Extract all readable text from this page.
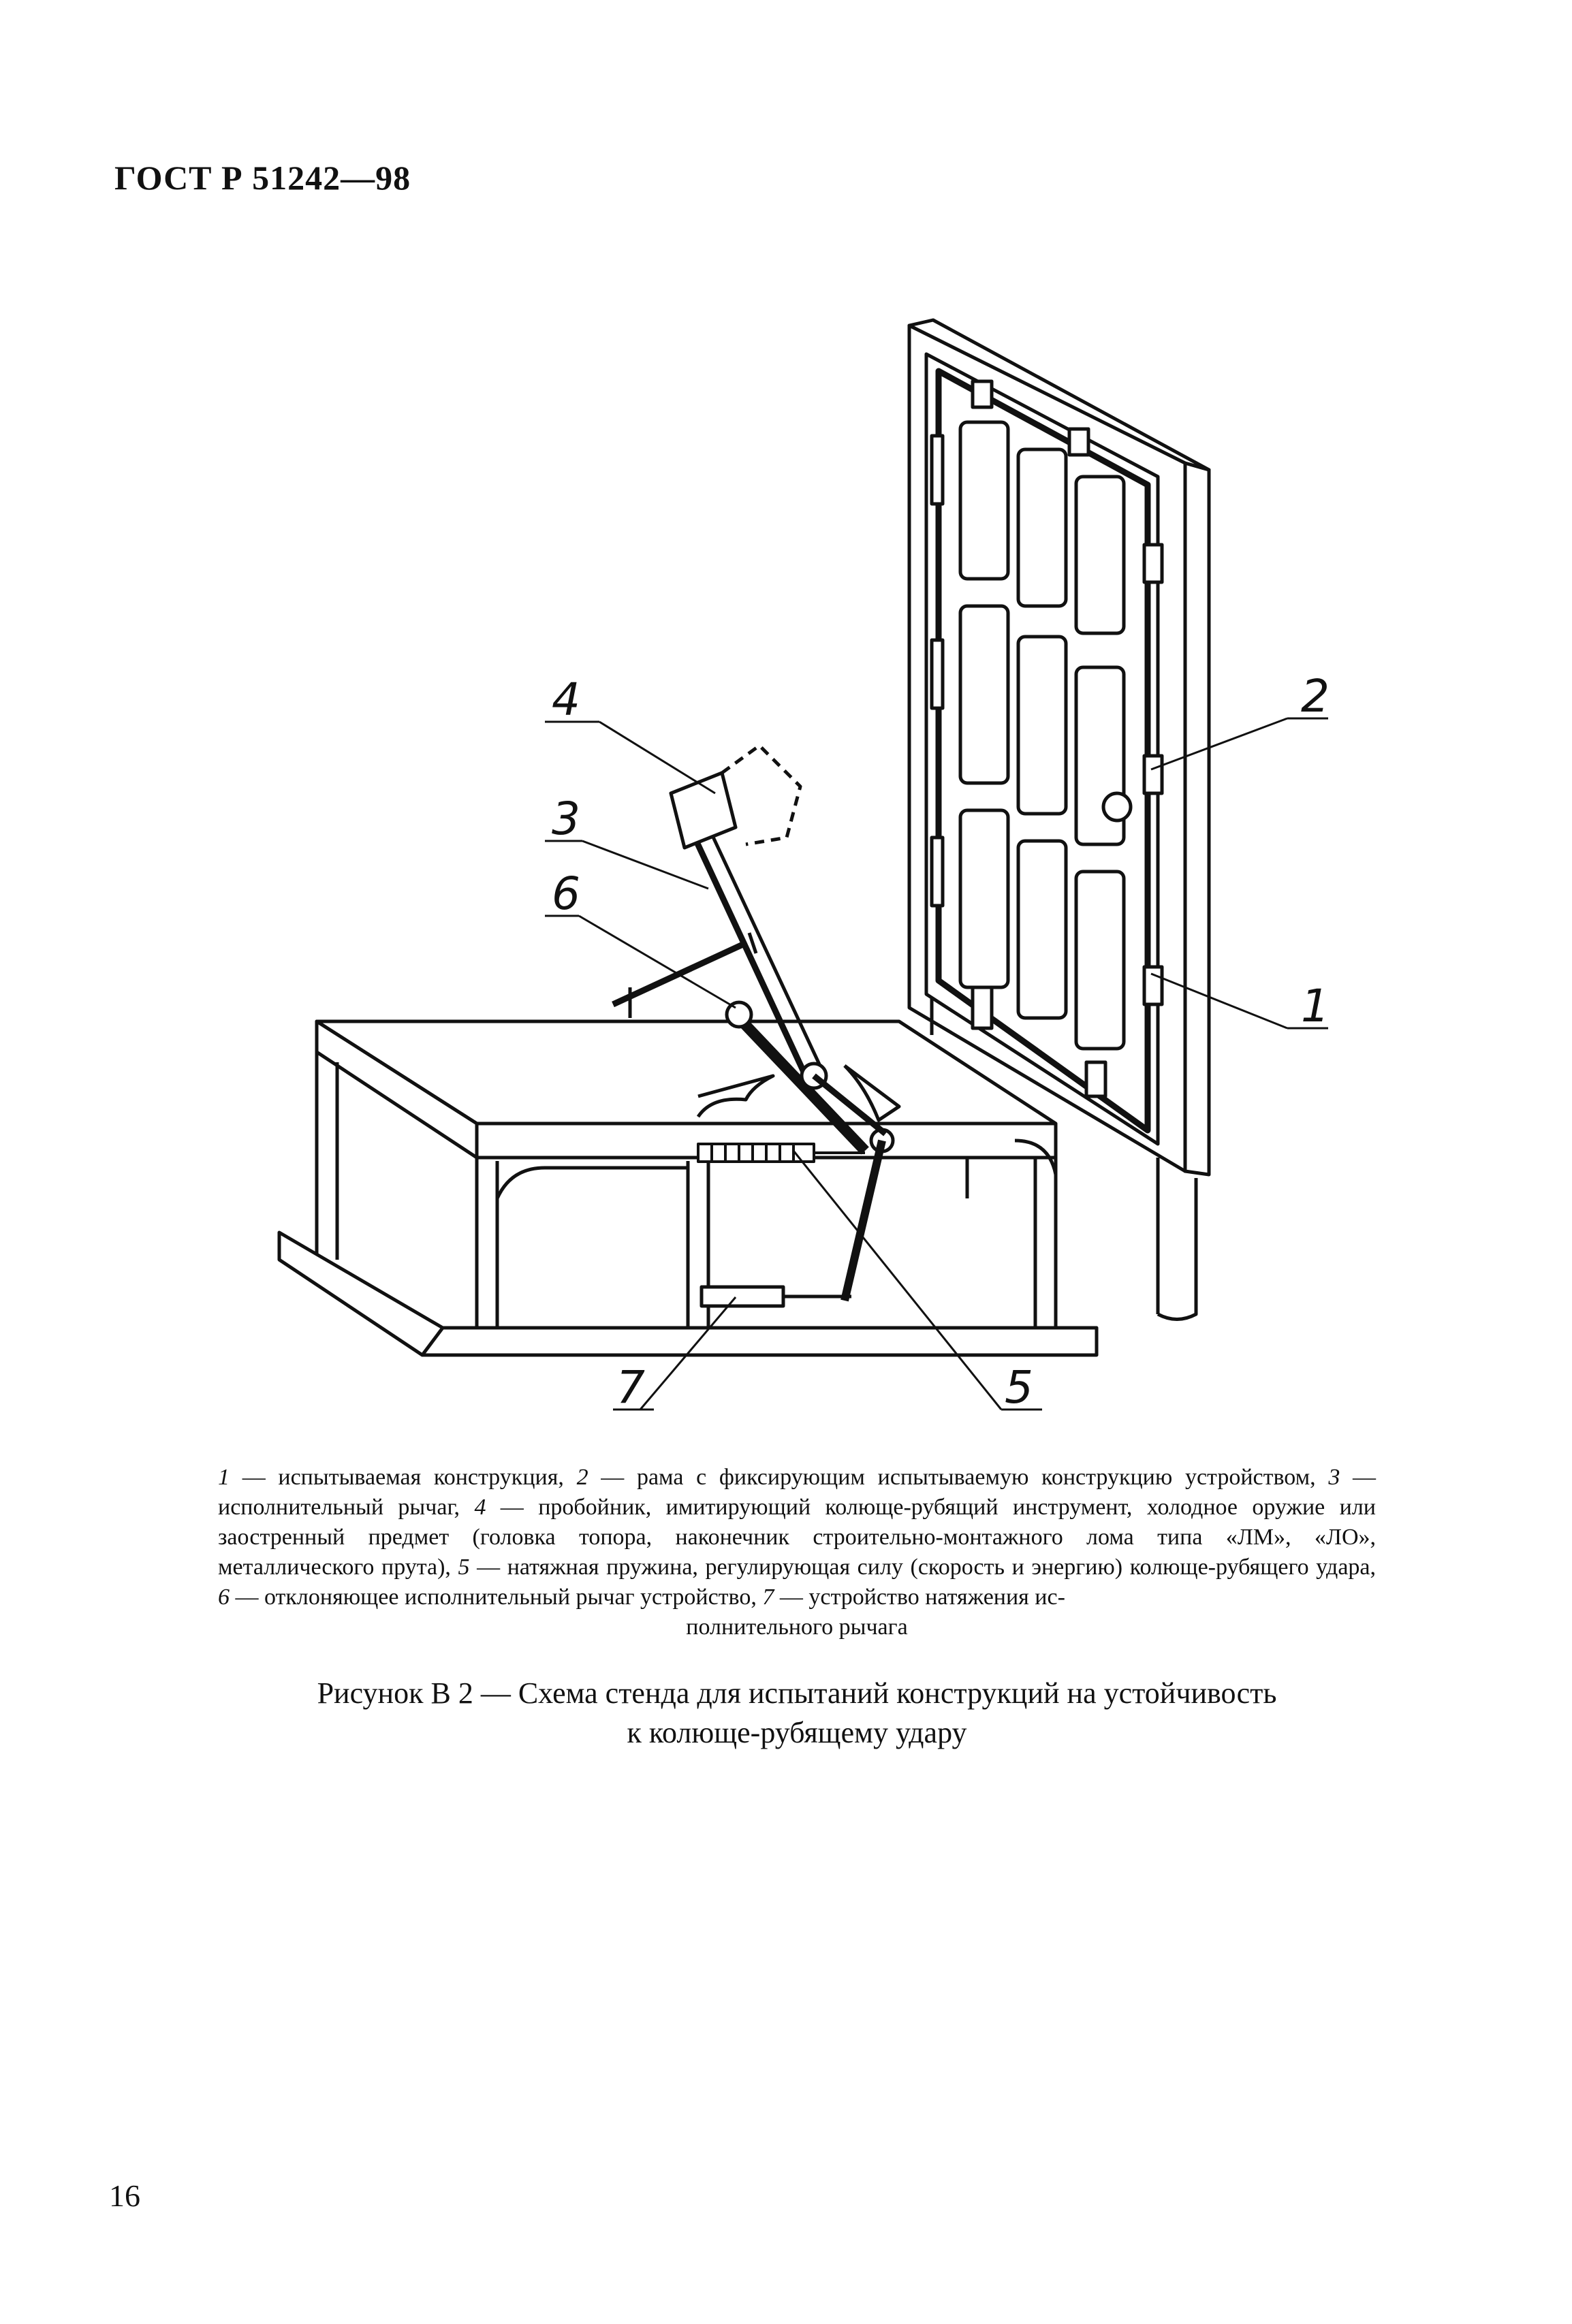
ГОСТ Р 51242—98
4
3
6
2
1
7	5
1 — испытываемая конструкция, 2 — рама с фиксирующим испытываемую конструкцию устройством, 3 — исполнительный рычаг, 4 — пробойник, имитирующий колюще-рубящий инструмент, холодное оружие или заостренный предмет (головка топора, наконечник строительно-монтажного лома типа «ЛМ», «ЛО», металлического прута), 5 — натяжная пружина, регулирующая силу (скорость и энергию) колюще-рубящего удара, 6 — отклоняющее исполнительный рычаг устройство, 7 — устройство натяжения ис-
полнительного рычага
Рисунок В 2 — Схема стенда для испытаний конструкций на устойчивость
к колюще-рубящему удару
16
